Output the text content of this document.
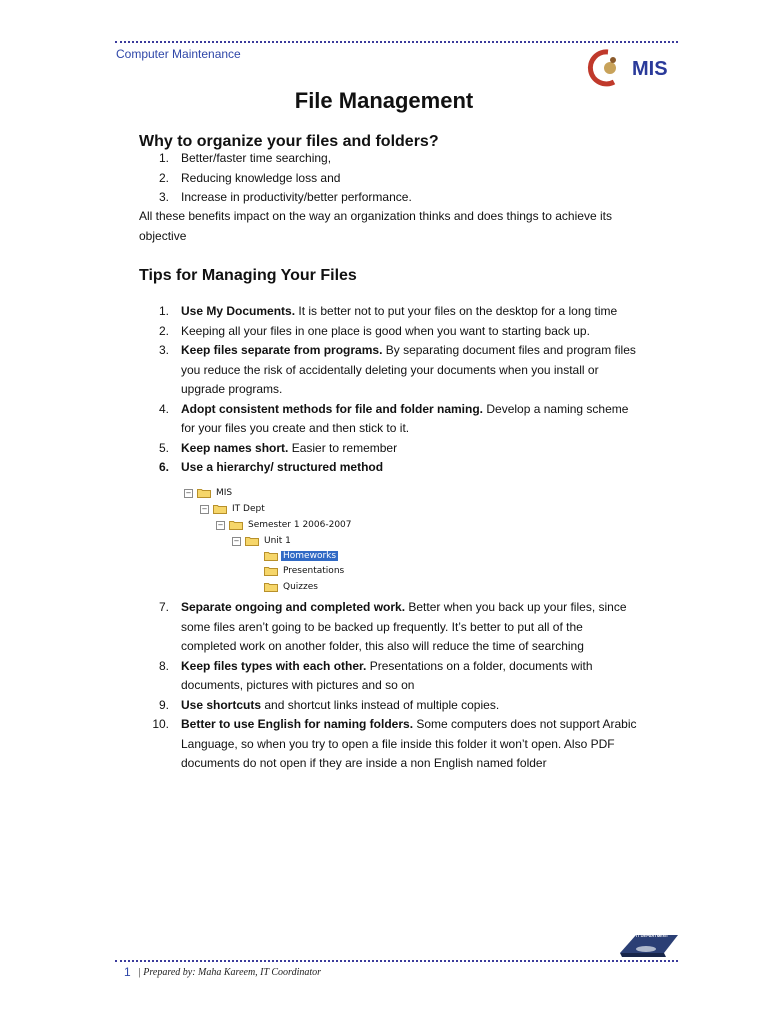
Computer Maintenance
MIS
File Management
Why to organize your files and folders?
1. Better/faster time searching,
2. Reducing knowledge loss and
3. Increase in productivity/better performance.
All these benefits impact on the way an organization thinks and does things to achieve its
objective
Tips for Managing Your Files
1. Use My Documents. It is better not to put your files on the desktop for a long time
2. Keeping all your files in one place is good when you want to starting back up.
3. Keep files separate from programs. By separating document files and program files you reduce the risk of accidentally deleting your documents when you install or upgrade programs.
4. Adopt consistent methods for file and folder naming. Develop a naming scheme for your files you create and then stick to it.
5. Keep names short. Easier to remember
6. Use a hierarchy/ structured method
−	MIS
−	IT Dept
−	Semester 1 2006-2007
−	Unit 1
Homeworks
Presentations
Quizzes
7. Separate ongoing and completed work. Better when you back up your files, since some files aren’t going to be backed up frequently. It’s better to put all of the completed work on another folder, this also will reduce the time of searching
8. Keep files types with each other. Presentations on a folder, documents with documents, pictures with pictures and so on
9. Use shortcuts and shortcut links instead of multiple copies.
10. Better to use English for naming folders. Some computers does not support Arabic Language, so when you try to open a file inside this folder it won’t open. Also PDF documents do not open if they are inside a non English named folder
IT DEPARTMENT
1 | Prepared by: Maha Kareem, IT Coordinator
